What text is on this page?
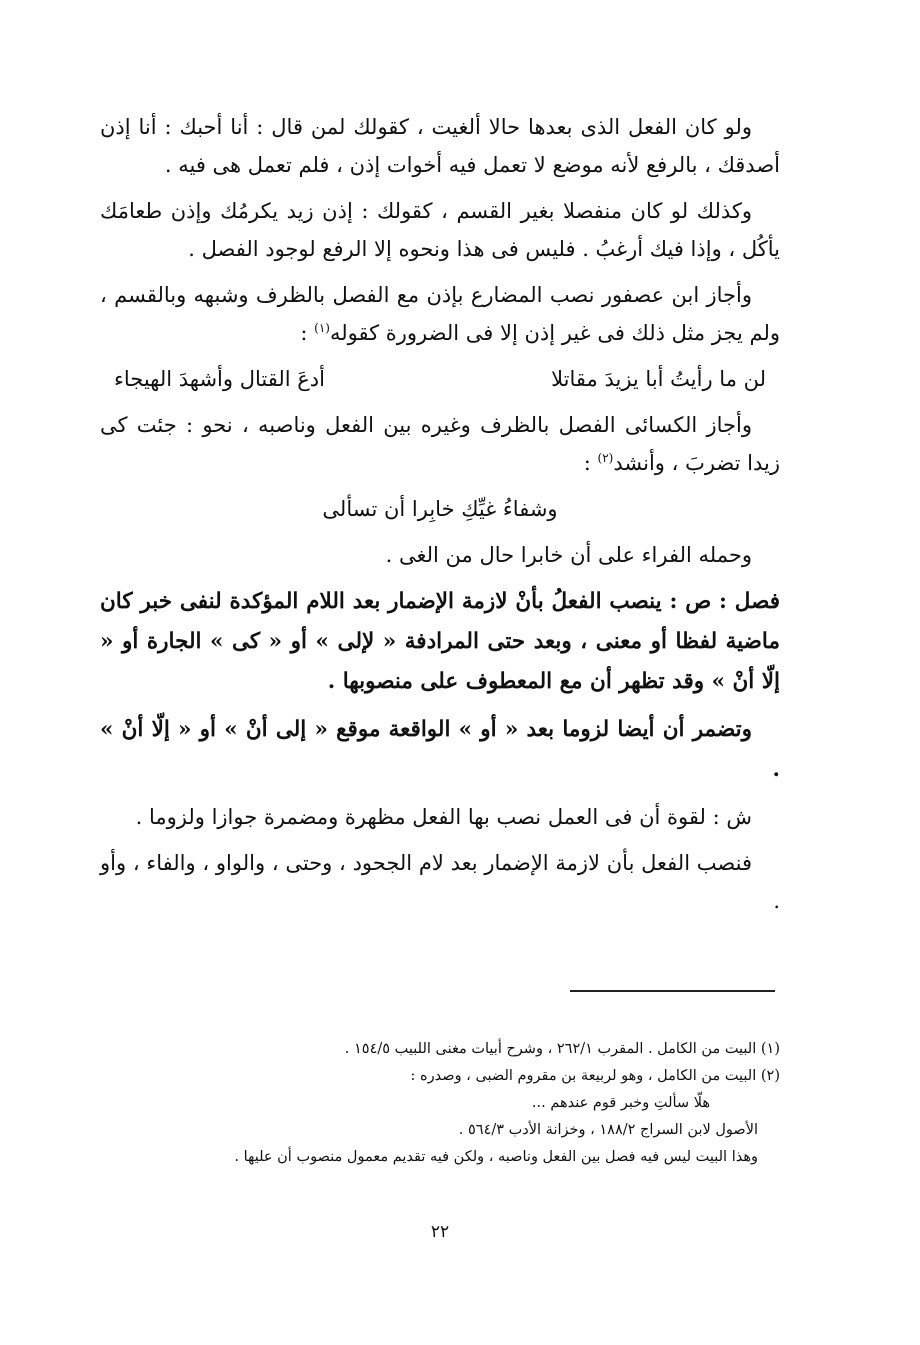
ولو كان الفعل الذى بعدها حالا ألغيت ، كقولك لمن قال : أنا أحبك : أنا إذن أصدقك ، بالرفع لأنه موضع لا تعمل فيه أخوات إذن ، فلم تعمل هى فيه .

وكذلك لو كان منفصلا بغير القسم ، كقولك : إذن زيد يكرمُك وإذن طعامَك يأكُل ، وإذا فيك أرغبُ . فليس فى هذا ونحوه إلا الرفع لوجود الفصل .

وأجاز ابن عصفور نصب المضارع بإذن مع الفصل بالظرف وشبهه وبالقسم ، ولم يجز مثل ذلك فى غير إذن إلا فى الضرورة كقوله$^{(١)}$ :

لن ما رأيتُ أبا يزيدَ مقاتلا
أدعَ القتال وأشهدَ الهيجاء

وأجاز الكسائى الفصل بالظرف وغيره بين الفعل وناصبه ، نحو : جئت كى زيدا تضربَ ، وأنشد$^{(٢)}$ :

وشفاءُ غيِّكِ خابِرا أن تسألى

وحمله الفراء على أن خابرا حال من الغى .

فصل : ص : ينصب الفعلُ بأنْ لازمة الإضمار بعد اللام المؤكدة لنفى خبر كان ماضية لفظا أو معنى ، وبعد حتى المرادفة « لإلى » أو « كى » الجارة أو « إلّا أنْ » وقد تظهر أن مع المعطوف على منصوبها .

وتضمر أن أيضا لزوما بعد « أو » الواقعة موقع « إلى أنْ » أو « إلّا أنْ » .

ش : لقوة أن فى العمل نصب بها الفعل مظهرة ومضمرة جوازا ولزوما .

فنصب الفعل بأن لازمة الإضمار بعد لام الجحود ، وحتى ، والواو ، والفاء ، وأو .

(١) البيت من الكامل . المقرب ٢٦٢/١ ، وشرح أبيات مغنى اللبيب ١٥٤/٥ .

(٢) البيت من الكامل ، وهو لربيعة بن مقروم الضبى ، وصدره :

هلّا سألتِ وخبر قوم عندهم ...

الأصول لابن السراج ١٨٨/٢ ، وخزانة الأدب ٥٦٤/٣ .

وهذا البيت ليس فيه فصل بين الفعل وناصبه ، ولكن فيه تقديم معمول منصوب أن عليها .

٢٢
